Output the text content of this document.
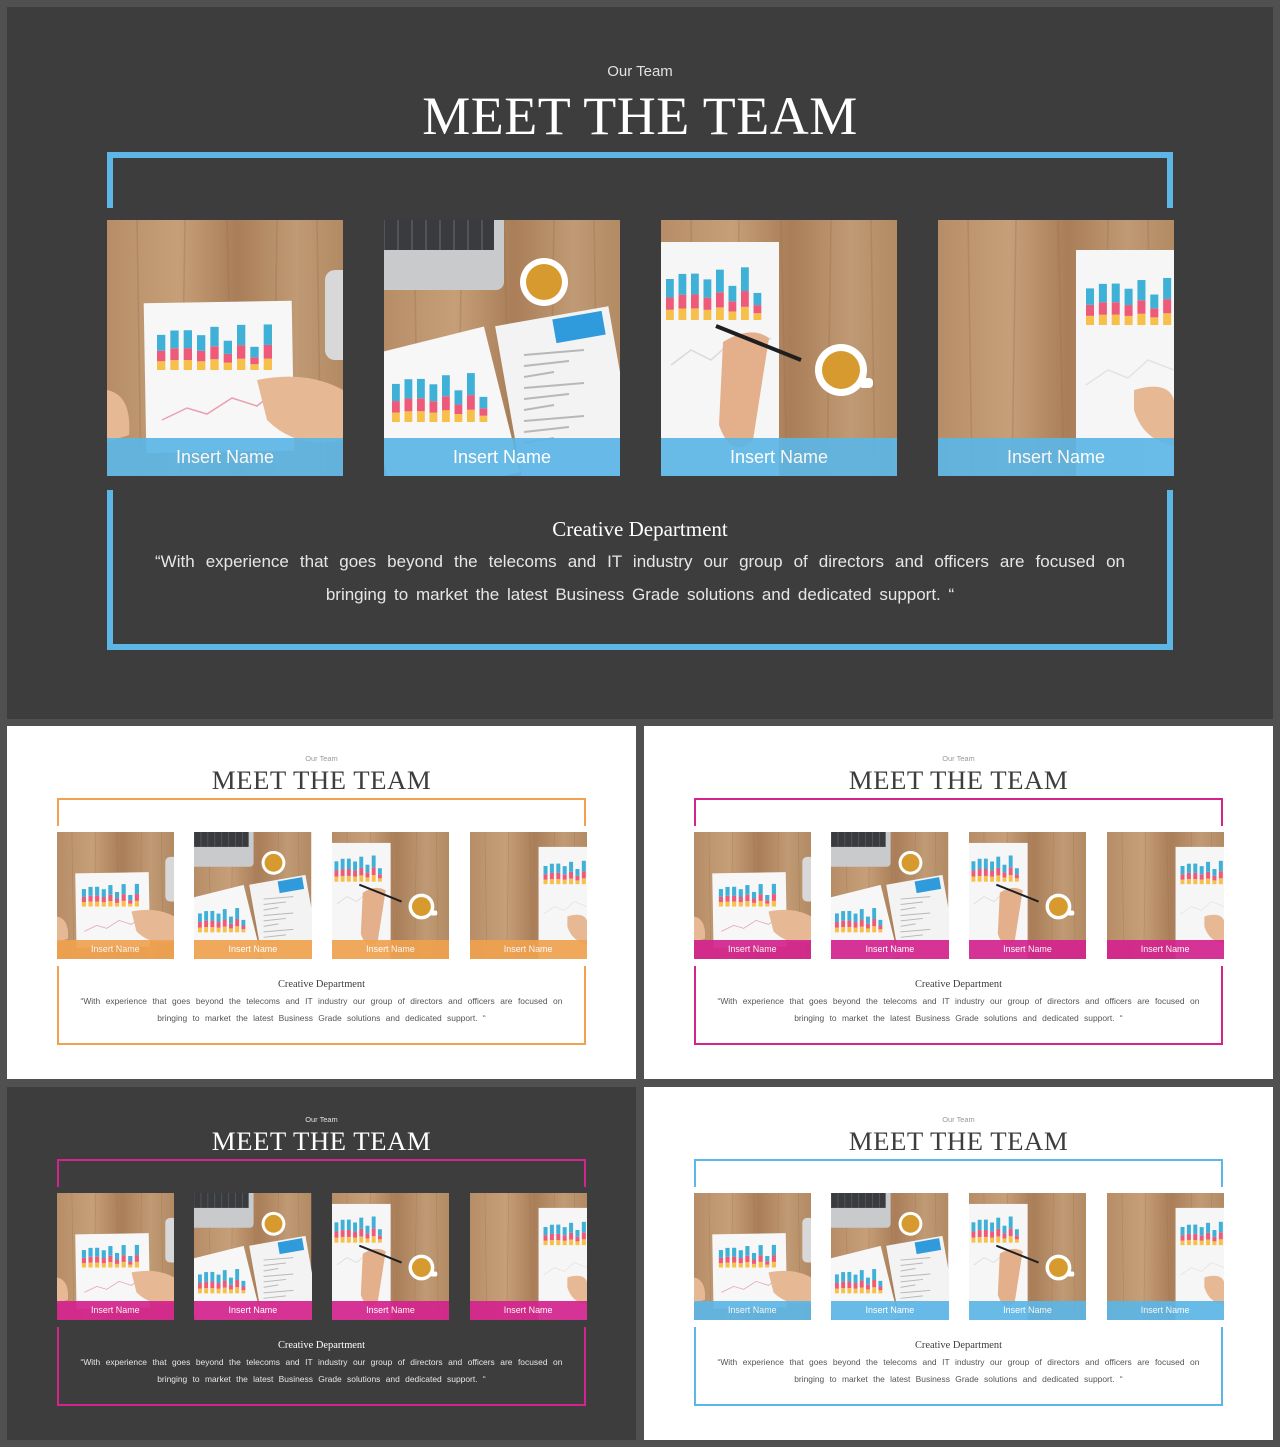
Our Team
MEET THE TEAM
Insert Name	Insert Name	Insert Name	Insert Name
Creative Department
“With experience that goes beyond the telecoms and IT industry our group of directors and officers are focused on bringing to market the latest Business Grade solutions and dedicated support. “
Our Team
MEET THE TEAM
Insert Name	Insert Name	Insert Name	Insert Name
Creative Department
“With experience that goes beyond the telecoms and IT industry our group of directors and officers are focused on bringing to market the latest Business Grade solutions and dedicated support. “
Our Team
MEET THE TEAM
Insert Name	Insert Name	Insert Name	Insert Name
Creative Department
“With experience that goes beyond the telecoms and IT industry our group of directors and officers are focused on bringing to market the latest Business Grade solutions and dedicated support. “
Our Team
MEET THE TEAM
Insert Name	Insert Name	Insert Name	Insert Name
Creative Department
“With experience that goes beyond the telecoms and IT industry our group of directors and officers are focused on bringing to market the latest Business Grade solutions and dedicated support. “
Our Team
MEET THE TEAM
Insert Name	Insert Name	Insert Name	Insert Name
Creative Department
“With experience that goes beyond the telecoms and IT industry our group of directors and officers are focused on bringing to market the latest Business Grade solutions and dedicated support. “
